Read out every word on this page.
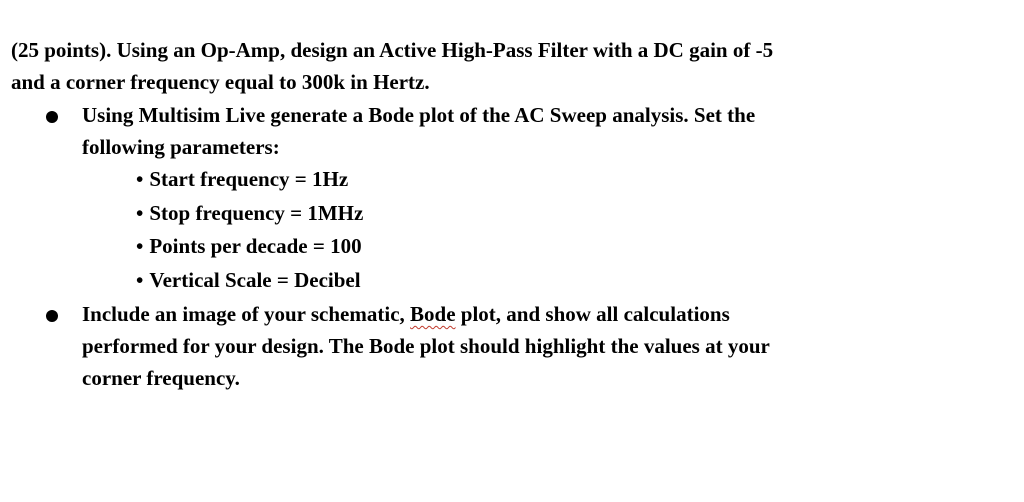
(25 points). Using an Op-Amp, design an Active High-Pass Filter with a DC gain of -5
and a corner frequency equal to 300k in Hertz.

Using Multisim Live generate a Bode plot of the AC Sweep analysis. Set the
following parameters:
• Start frequency = 1Hz
• Stop frequency = 1MHz
• Points per decade = 100
• Vertical Scale = Decibel
Include an image of your schematic, Bode plot, and show all calculations
performed for your design. The Bode plot should highlight the values at your
corner frequency.
